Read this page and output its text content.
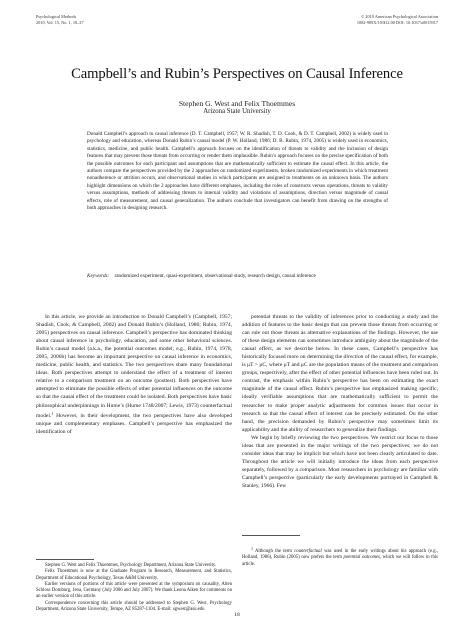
Psychological Methods
2010, Vol. 15, No. 1, 18–37
© 2010 American Psychological Association
1082-989X/10/$12.00 DOI: 10.1037/a0015917
Campbell’s and Rubin’s Perspectives on Causal Inference
Stephen G. West and Felix Thoemmes
Arizona State University
Donald Campbell’s approach to causal inference (D. T. Campbell, 1957; W. R. Shadish, T. D. Cook, & D. T. Campbell, 2002) is widely used in psychology and education, whereas Donald Rubin’s causal model (P. W. Holland, 1986; D. B. Rubin, 1974, 2005) is widely used in economics, statistics, medicine, and public health. Campbell’s approach focuses on the identification of threats to validity and the inclusion of design features that may prevent those threats from occurring or render them implausible. Rubin’s approach focuses on the precise specification of both the possible outcomes for each participant and assumptions that are mathematically sufficient to estimate the causal effect. In this article, the authors compare the perspectives provided by the 2 approaches on randomized experiments, broken randomized experiments in which treatment nonadherence or attrition occurs, and observational studies in which participants are assigned to treatments on an unknown basis. The authors highlight dimensions on which the 2 approaches have different emphases, including the roles of constructs versus operations, threats to validity versus assumptions, methods of addressing threats to internal validity and violations of assumptions, direction versus magnitude of causal effects, role of measurement, and causal generalization. The authors conclude that investigators can benefit from drawing on the strengths of both approaches in designing research.
Keywords: randomized experiment, quasi-experiment, observational study, research design, causal inference

In this article, we provide an introduction to Donald Campbell’s (Campbell, 1957; Shadish, Cook, & Campbell, 2002) and Donald Rubin’s (Holland, 1986; Rubin, 1974, 2005) perspectives on causal inference. Campbell’s perspective has dominated thinking about causal inference in psychology, education, and some other behavioral sciences. Rubin’s causal model (a.k.a., the potential outcomes model; e.g., Rubin, 1974, 1978, 2005, 2006b) has become an important perspective on causal inference in economics, medicine, public health, and statistics. The two perspectives share many foundational ideas. Both perspectives attempt to understand the effect of a treatment of interest relative to a comparison treatment on an outcome (posttest). Both perspectives have attempted to eliminate the possible effects of other potential influences on the outcome so that the causal effect of the treatment could be isolated. Both perspectives have basic philosophical underpinnings in Hume’s (Hume 1748/2007; Lewis, 1973) counterfactual model.$^1$ However, in their development, the two perspectives have also developed unique and complementary emphases. Campbell’s perspective has emphasized the identification of

potential threats to the validity of inferences prior to conducting a study and the addition of features to the basic design that can prevent those threats from occurring or can rule out those threats as alternative explanations of the findings. However, the use of these design elements can sometimes introduce ambiguity about the magnitude of the causal effect, as we describe below. In these cases, Campbell’s perspective has historically focused more on determining the direction of the causal effect, for example, is μT > μC, where μT and μC are the population means of the treatment and comparison groups, respectively, after the effect of other potential influences have been ruled out. In contrast, the emphasis within Rubin’s perspective has been on estimating the exact magnitude of the causal effect. Rubin’s perspective has emphasized making specific, ideally verifiable assumptions that are mathematically sufficient to permit the researcher to make proper analytic adjustments for common issues that occur in research so that the causal effect of interest can be precisely estimated. On the other hand, the precision demanded by Rubin’s perspective may sometimes limit its applicability and the ability of researchers to generalize their findings.

We begin by briefly reviewing the two perspectives. We restrict our focus to those ideas that are presented in the major writings of the two perspectives; we do not consider ideas that may be implicit but which have not been clearly articulated to date. Throughout the article we will initially introduce the ideas from each perspective separately, followed by a comparison. Most researchers in psychology are familiar with Campbell’s perspective (particularly the early developments portrayed in Campbell & Stanley, 1966). Few

Stephen G. West and Felix Thoemmes, Psychology Department, Arizona State University.

Felix Thoemmes is now at the Graduate Program in Research, Measurement, and Statistics, Department of Educational Psychology, Texas A&M University.

Earlier versions of portions of this article were presented at the symposium on causality, Alten Schloss Dornburg, Jena, Germany (July 2006 and July 2007). We thank Leona Aiken for comments on an earlier version of this article.

Correspondence concerning this article should be addressed to Stephen G. West, Psychology Department, Arizona State University, Tempe, AZ 85287-1104. E-mail: sgwest@asu.edu

$^1$ Although the term counterfactual was used in the early writings about his approach (e.g., Holland, 1986), Rubin (2005) now prefers the term potential outcomes, which we will follow in this article.

18
